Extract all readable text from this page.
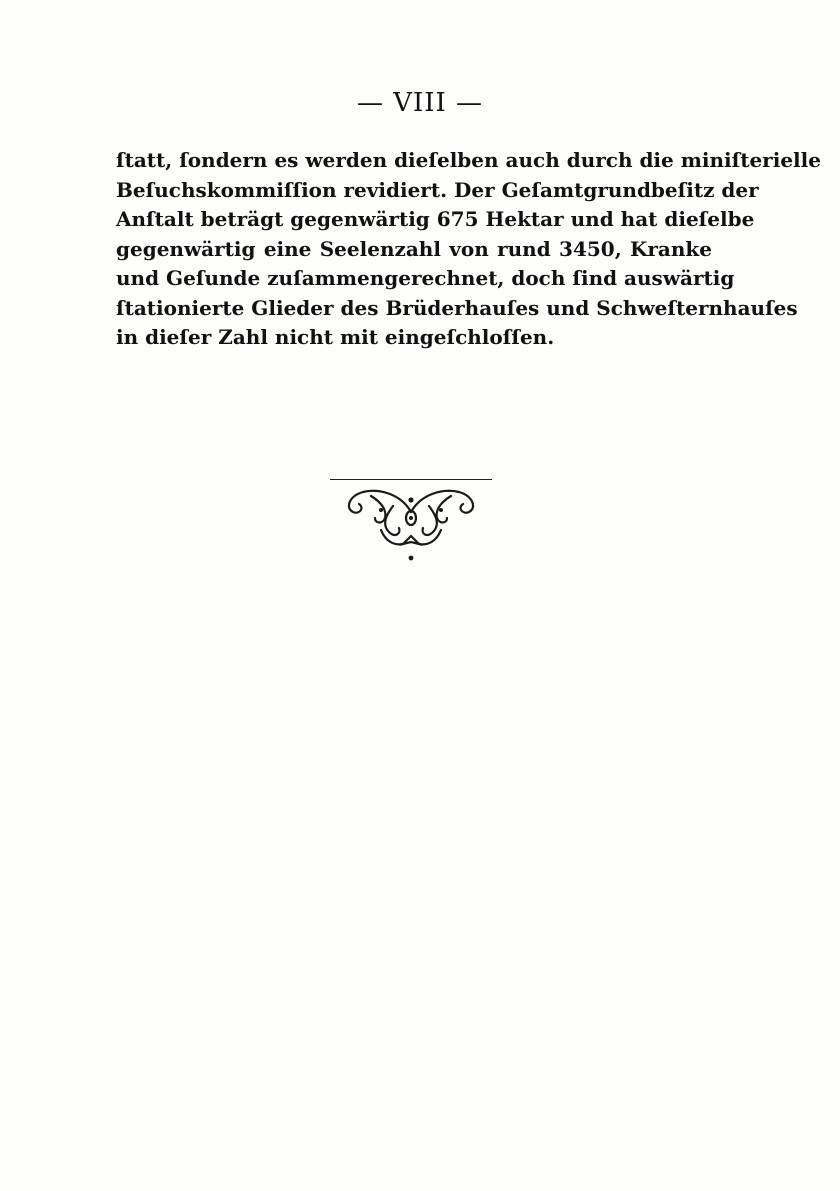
— VIII —
ſtatt, ſondern es werden dieſelben auch durch die miniſterielle
Beſuchskommiſſion revidiert. Der Geſamtgrundbeſitz der
Anſtalt beträgt gegenwärtig 675 Hektar und hat dieſelbe
gegenwärtig eine Seelenzahl von rund 3450, Kranke
und Geſunde zuſammengerechnet, doch ſind auswärtig
ſtationierte Glieder des Brüderhauſes und Schweſternhauſes
in dieſer Zahl nicht mit eingeſchloſſen.
